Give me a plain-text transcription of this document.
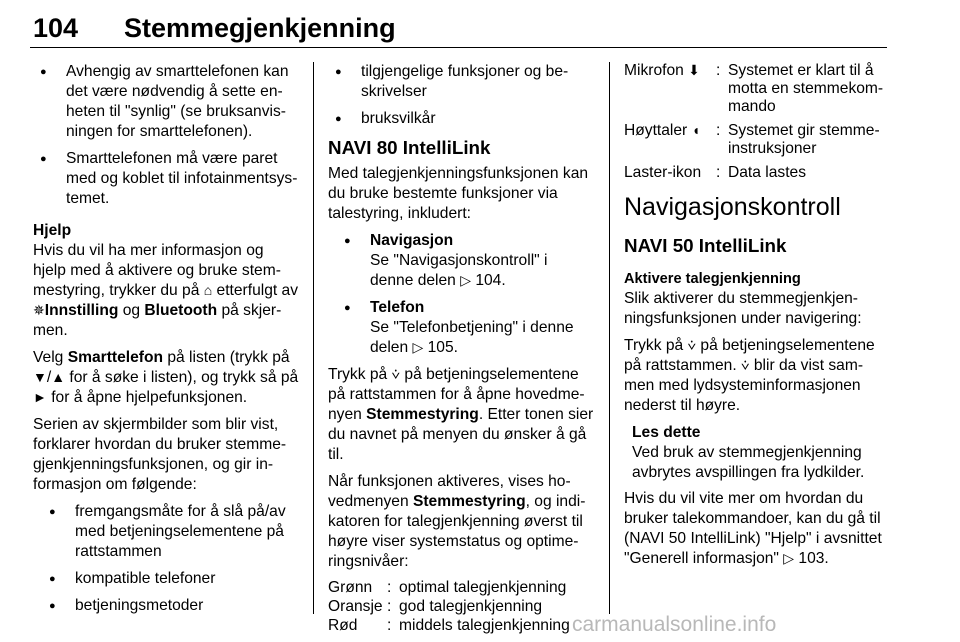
104 Stemmegjenkjenning
● Avhengig av smarttelefonen kan det være nødvendig å sette en-heten til "synlig" (se bruksanvis-ningen for smarttelefonen).
● Smarttelefonen må være paret med og koblet til infotainmentsys-temet.
Hjelp

Hvis du vil ha mer informasjon og hjelp med å aktivere og bruke stem-mestyring, trykker du på ⌂ etterfulgt av ✵Innstilling og Bluetooth på skjer-men.

Velg Smarttelefon på listen (trykk på ▼/▲ for å søke i listen), og trykk så på ► for å åpne hjelpefunksjonen.

Serien av skjermbilder som blir vist, forklarer hvordan du bruker stemme-gjenkjenningsfunksjonen, og gir in-formasjon om følgende:

● fremgangsmåte for å slå på/av med betjeningselementene på rattstammen
● kompatible telefoner
● betjeningsmetoder
● tilgjengelige funksjoner og be-skrivelser
● bruksvilkår
NAVI 80 IntelliLink

Med talegjenkjenningsfunksjonen kan du bruke bestemte funksjoner via talestyring, inkludert:

● Navigasjon
Se "Navigasjonskontroll" i denne delen ▷ 104.
● Telefon
Se "Telefonbetjening" i denne delen ▷ 105.

Trykk på ⩒ på betjeningselementene på rattstammen for å åpne hovedme-nyen Stemmestyring. Etter tonen sier du navnet på menyen du ønsker å gå til.

Når funksjonen aktiveres, vises ho-vedmenyen Stemmestyring, og indi-katoren for talegjenkjenning øverst til høyre viser systemstatus og optime-ringsnivåer:

Grønn : optimal talegjenkjenning
Oransje : god talegjenkjenning
Rød	: middels talegjenkjenning
Mikrofon ⬇	: Systemet er klart til å motta en stemmekom-mando
Høyttaler ◖	: Systemet gir stemme-instruksjoner
Laster-ikon : Data lastes
Navigasjonskontroll
NAVI 50 IntelliLink
Aktivere talegjenkjenning

Slik aktiverer du stemmegjenkjen-ningsfunksjonen under navigering:

Trykk på ⩒ på betjeningselementene på rattstammen. ⩒ blir da vist sam-men med lydsysteminformasjonen nederst til høyre.

Les dette
Ved bruk av stemmegjenkjenning avbrytes avspillingen fra lydkilder.

Hvis du vil vite mer om hvordan du bruker talekommandoer, kan du gå til (NAVI 50 IntelliLink) "Hjelp" i avsnittet "Generell informasjon" ▷ 103.

carmanualsonline.info
